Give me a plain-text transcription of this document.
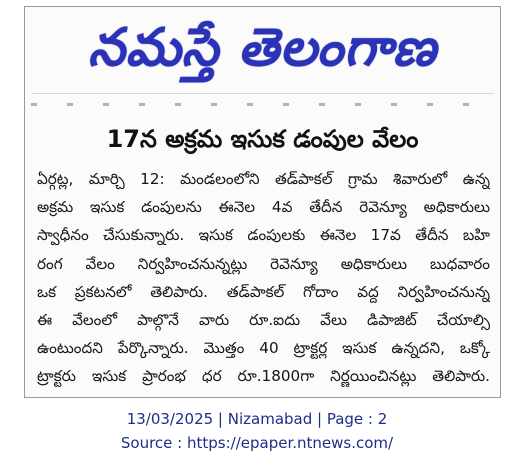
నమస్తే తెలంగాణ
17న అక్రమ ఇసుక డంపుల వేలం
ఏర్గట్ల, మార్చి 12: మండలంలోని తడ్‌పాకల్ గ్రామ శివారులో ఉన్న
అక్రమ ఇసుక డంపులను ఈనెల 4వ తేదీన రెవెన్యూ అధికారులు
స్వాధీనం చేసుకున్నారు. ఇసుక డంపులకు ఈనెల 17వ తేదీన బహి
రంగ వేలం నిర్వహించనున్నట్లు రెవెన్యూ అధికారులు బుధవారం
ఒక ప్రకటనలో తెలిపారు. తడ్‌పాకల్ గోదాం వద్ద నిర్వహించనున్న
ఈ వేలంలో పాల్గొనే వారు రూ.ఐదు వేలు డిపాజిట్ చేయాల్సి
ఉంటుందని పేర్కొన్నారు. మొత్తం 40 ట్రాక్టర్ల ఇసుక ఉన్నదని, ఒక్కో
ట్రాక్టరు ఇసుక ప్రారంభ ధర రూ.1800గా నిర్ణయించినట్లు తెలిపారు.
13/03/2025 | Nizamabad | Page : 2
Source : https://epaper.ntnews.com/
